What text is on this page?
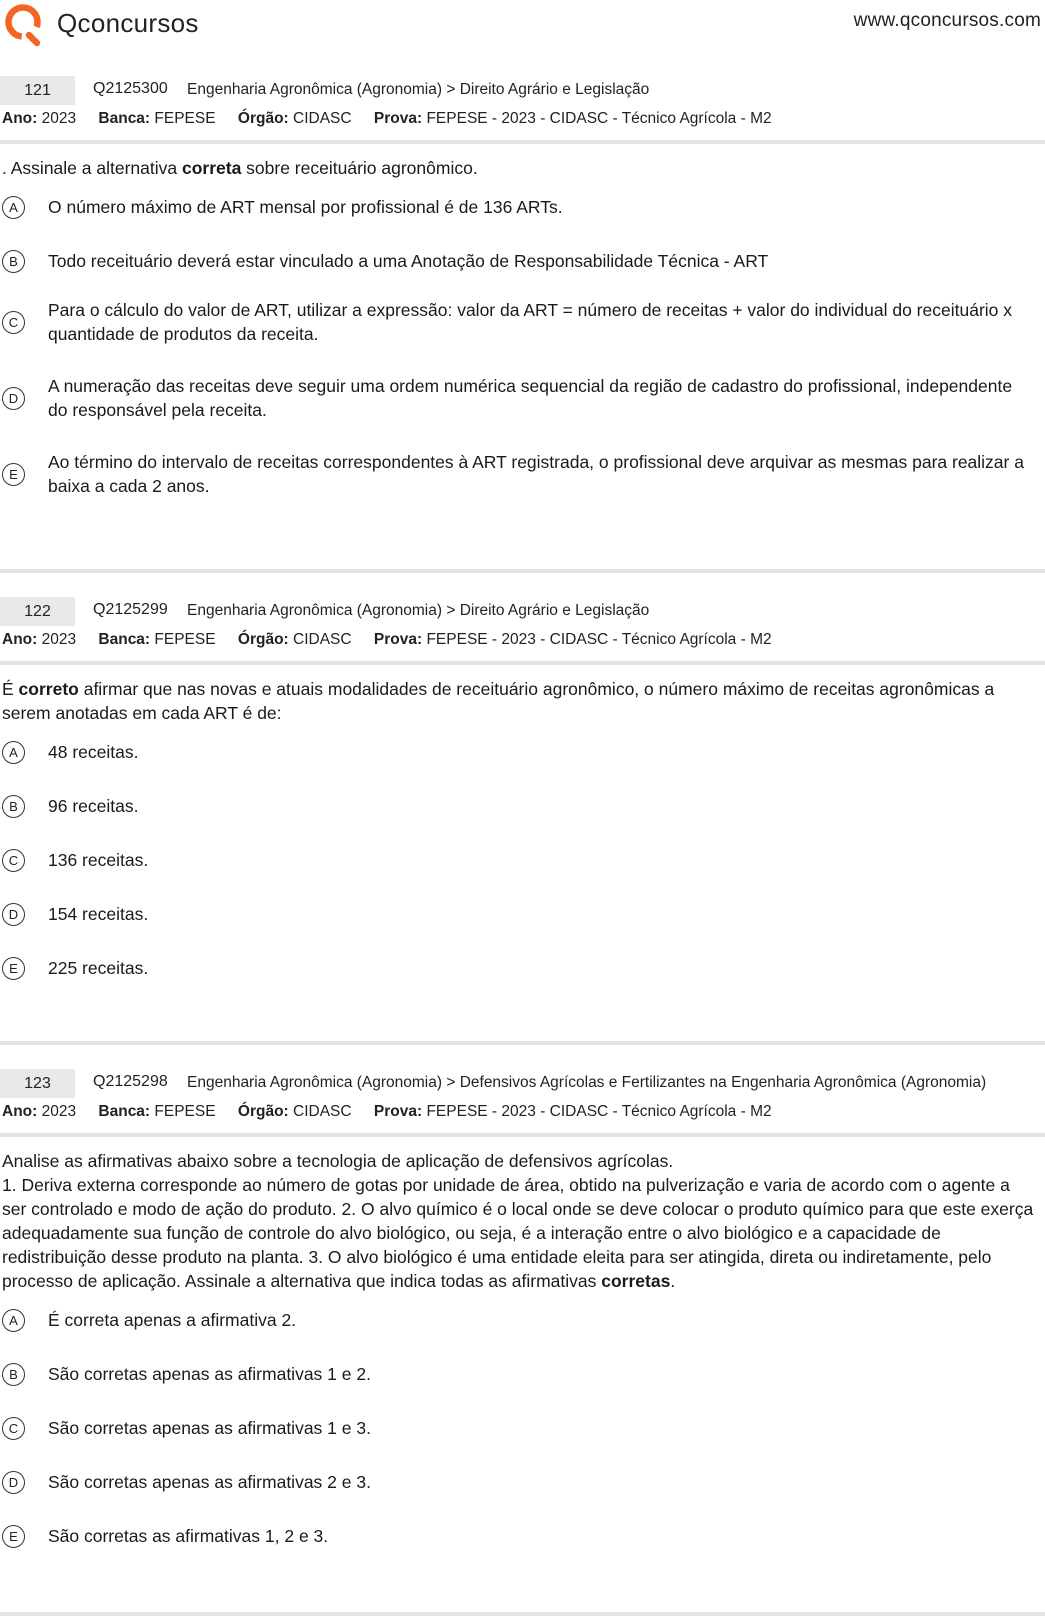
Qconcursos	www.qconcursos.com
121	Q2125300 Engenharia Agronômica (Agronomia) > Direito Agrário e Legislação
Ano: 2023 Banca: FEPESE Órgão: CIDASC Prova: FEPESE - 2023 - CIDASC - Técnico Agrícola - M2
. Assinale a alternativa correta sobre receituário agronômico.
A	O número máximo de ART mensal por profissional é de 136 ARTs.
B	Todo receituário deverá estar vinculado a uma Anotação de Responsabilidade Técnica - ART
C
Para o cálculo do valor de ART, utilizar a expressão: valor da ART = número de receitas + valor do individual do receituário x quantidade de produtos da receita.
D
A numeração das receitas deve seguir uma ordem numérica sequencial da região de cadastro do profissional, independente do responsável pela receita.
E
Ao término do intervalo de receitas correspondentes à ART registrada, o profissional deve arquivar as mesmas para realizar a baixa a cada 2 anos.
122	Q2125299 Engenharia Agronômica (Agronomia) > Direito Agrário e Legislação
Ano: 2023 Banca: FEPESE Órgão: CIDASC Prova: FEPESE - 2023 - CIDASC - Técnico Agrícola - M2
É correto afirmar que nas novas e atuais modalidades de receituário agronômico, o número máximo de receitas agronômicas a serem anotadas em cada ART é de:
A	48 receitas.
B	96 receitas.
C	136 receitas.
D	154 receitas.
E	225 receitas.
123	Q2125298 Engenharia Agronômica (Agronomia) > Defensivos Agrícolas e Fertilizantes na Engenharia Agronômica (Agronomia)
Ano: 2023 Banca: FEPESE Órgão: CIDASC Prova: FEPESE - 2023 - CIDASC - Técnico Agrícola - M2
Analise as afirmativas abaixo sobre a tecnologia de aplicação de defensivos agrícolas.
1. Deriva externa corresponde ao número de gotas por unidade de área, obtido na pulverização e varia de acordo com o agente a ser controlado e modo de ação do produto. 2. O alvo químico é o local onde se deve colocar o produto químico para que este exerça adequadamente sua função de controle do alvo biológico, ou seja, é a interação entre o alvo biológico e a capacidade de redistribuição desse produto na planta. 3. O alvo biológico é uma entidade eleita para ser atingida, direta ou indiretamente, pelo processo de aplicação. Assinale a alternativa que indica todas as afirmativas corretas.
A	É correta apenas a afirmativa 2.
B	São corretas apenas as afirmativas 1 e 2.
C	São corretas apenas as afirmativas 1 e 3.
D	São corretas apenas as afirmativas 2 e 3.
E	São corretas as afirmativas 1, 2 e 3.
